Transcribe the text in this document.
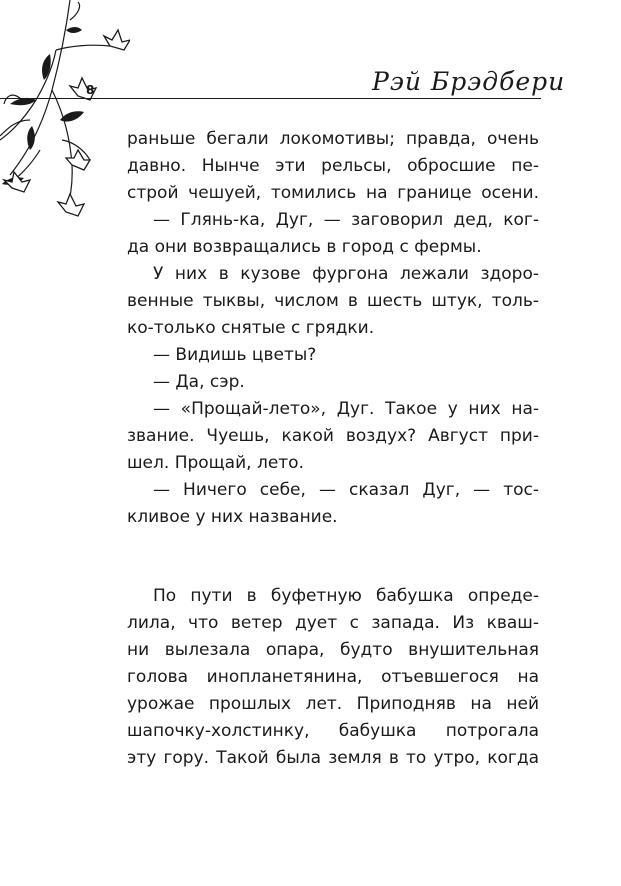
8	Рэй Брэдбери
раньше бегали локомотивы; правда, очень
давно. Нынче эти рельсы, обросшие пе-
строй чешуей, томились на границе осени.
— Глянь-ка, Дуг, — заговорил дед, ког-
да они возвращались в город с фермы.
У них в кузове фургона лежали здоро-
венные тыквы, числом в шесть штук, толь-
ко-только снятые с грядки.
— Видишь цветы?
— Да, сэр.
— «Прощай-лето», Дуг. Такое у них на-
звание. Чуешь, какой воздух? Август при-
шел. Прощай, лето.
— Ничего себе, — сказал Дуг, — тос-
кливое у них название.
По пути в буфетную бабушка опреде-
лила, что ветер дует с запада. Из кваш-
ни вылезала опара, будто внушительная
голова инопланетянина, отъевшегося на
урожае прошлых лет. Приподняв на ней
шапочку-холстинку, бабушка потрогала
эту гору. Такой была земля в то утро, когда
